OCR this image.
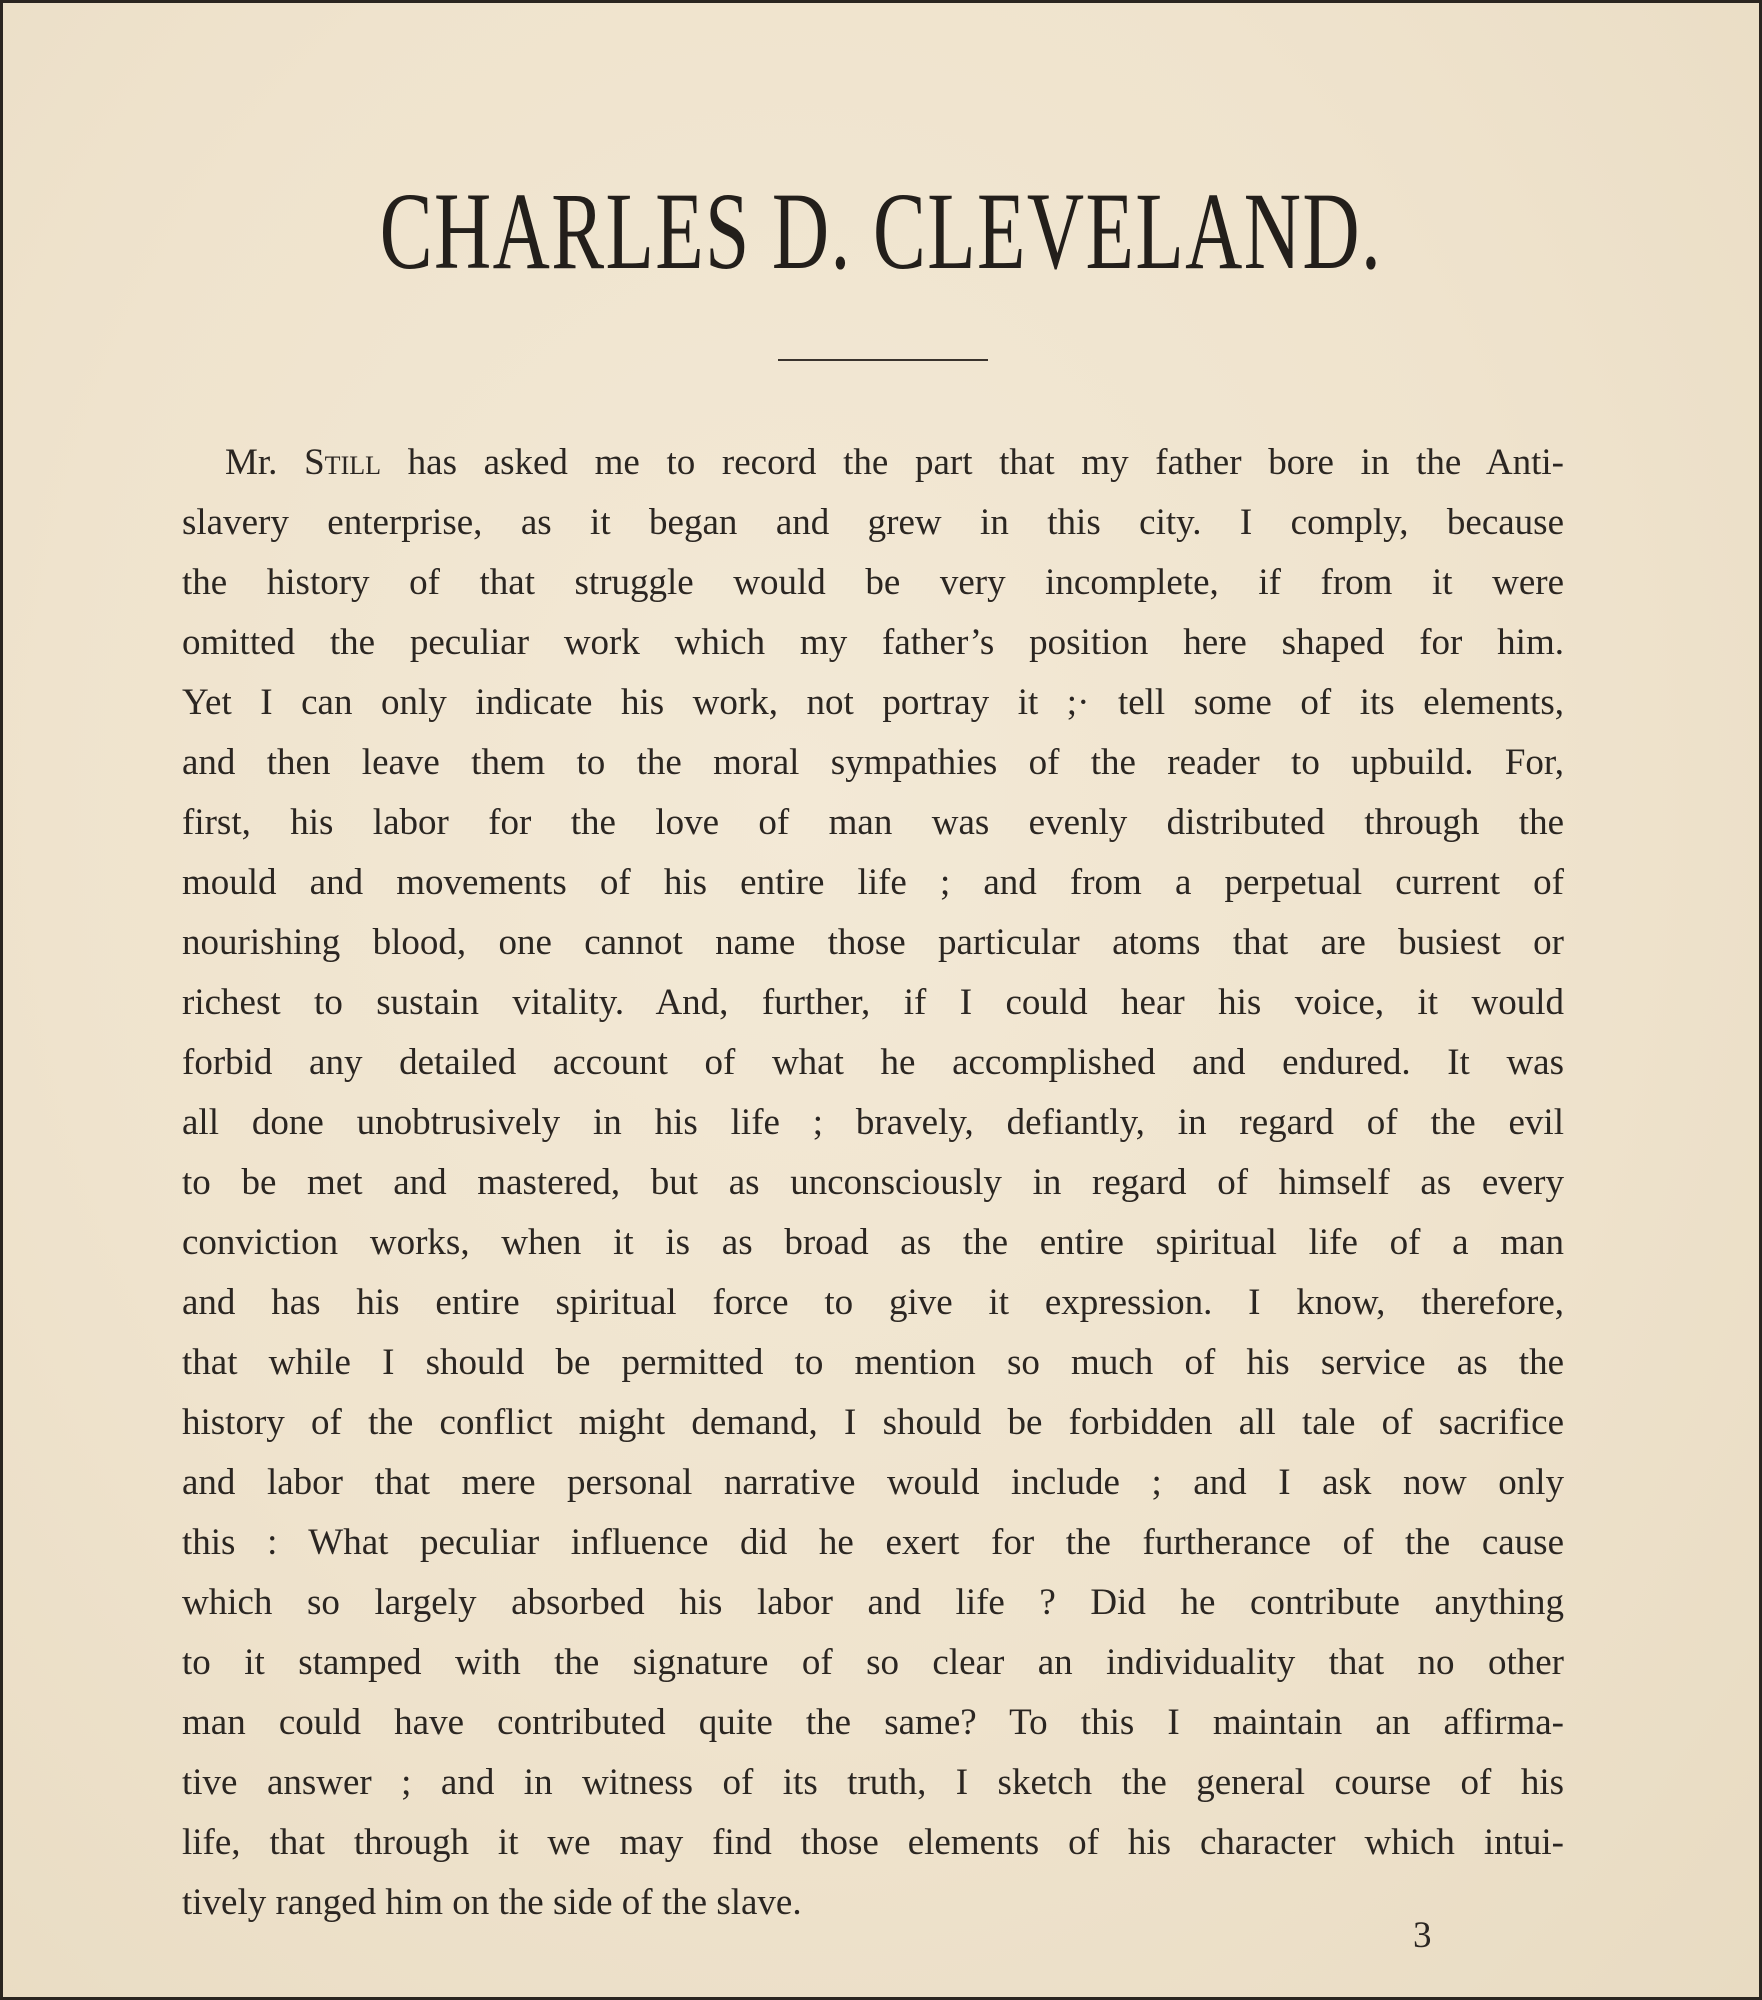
CHARLES D. CLEVELAND.
Mr. Still has asked me to record the part that my father bore in the Anti-
slavery enterprise, as it began and grew in this city. I comply, because
the history of that struggle would be very incomplete, if from it were
omitted the peculiar work which my father’s position here shaped for him.
Yet I can only indicate his work, not portray it ;· tell some of its elements,
and then leave them to the moral sympathies of the reader to upbuild. For,
first, his labor for the love of man was evenly distributed through the
mould and movements of his entire life ; and from a perpetual current of
nourishing blood, one cannot name those particular atoms that are busiest or
richest to sustain vitality. And, further, if I could hear his voice, it would
forbid any detailed account of what he accomplished and endured. It was
all done unobtrusively in his life ; bravely, defiantly, in regard of the evil
to be met and mastered, but as unconsciously in regard of himself as every
conviction works, when it is as broad as the entire spiritual life of a man
and has his entire spiritual force to give it expression. I know, therefore,
that while I should be permitted to mention so much of his service as the
history of the conflict might demand, I should be forbidden all tale of sacrifice
and labor that mere personal narrative would include ; and I ask now only
this : What peculiar influence did he exert for the furtherance of the cause
which so largely absorbed his labor and life ? Did he contribute anything
to it stamped with the signature of so clear an individuality that no other
man could have contributed quite the same? To this I maintain an affirma-
tive answer ; and in witness of its truth, I sketch the general course of his
life, that through it we may find those elements of his character which intui-
tively ranged him on the side of the slave.
3
